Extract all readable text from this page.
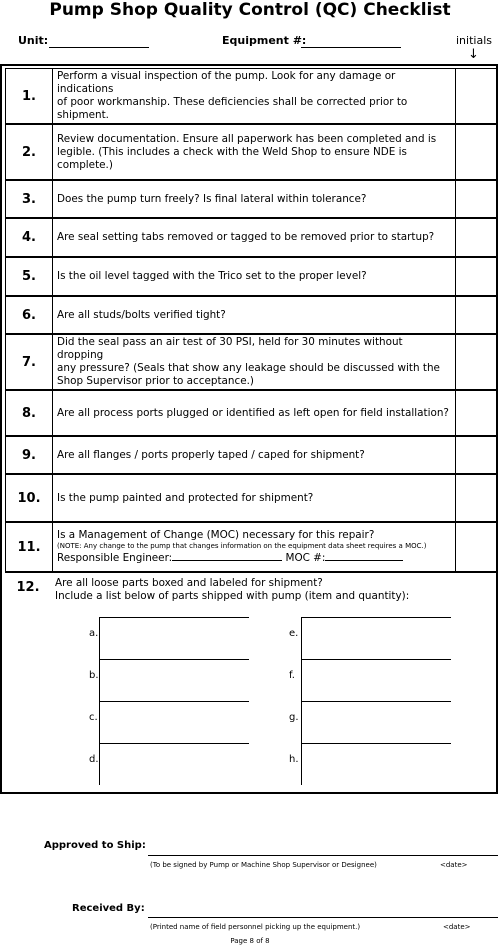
Pump Shop Quality Control (QC) Checklist
Unit:	Equipment #:	initials
↓
1.
Perform a visual inspection of the pump. Look for any damage or indications
of poor workmanship. These deficiencies shall be corrected prior to shipment.
2.
Review documentation. Ensure all paperwork has been completed and is
legible. (This includes a check with the Weld Shop to ensure NDE is complete.)
3.	Does the pump turn freely? Is final lateral within tolerance?
4.	Are seal setting tabs removed or tagged to be removed prior to startup?
5.	Is the oil level tagged with the Trico set to the proper level?
6.	Are all studs/bolts verified tight?
7.
Did the seal pass an air test of 30 PSI, held for 30 minutes without dropping
any pressure? (Seals that show any leakage should be discussed with the
Shop Supervisor prior to acceptance.)
8.	Are all process ports plugged or identified as left open for field installation?
9.	Are all flanges / ports properly taped / caped for shipment?
10.	Is the pump painted and protected for shipment?
11.
Is a Management of Change (MOC) necessary for this repair?
(NOTE: Any change to the pump that changes information on the equipment data sheet requires a MOC.)
Responsible Engineer:	MOC #:
12.	Are all loose parts boxed and labeled for shipment?
Include a list below of parts shipped with pump (item and quantity):
a.
b.
c.
d.
e.
f.
g.
h.
Approved to Ship:
(To be signed by Pump or Machine Shop Supervisor or Designee)	<date>
Received By:
(Printed name of field personnel picking up the equipment.)	<date>
Page 8 of 8
